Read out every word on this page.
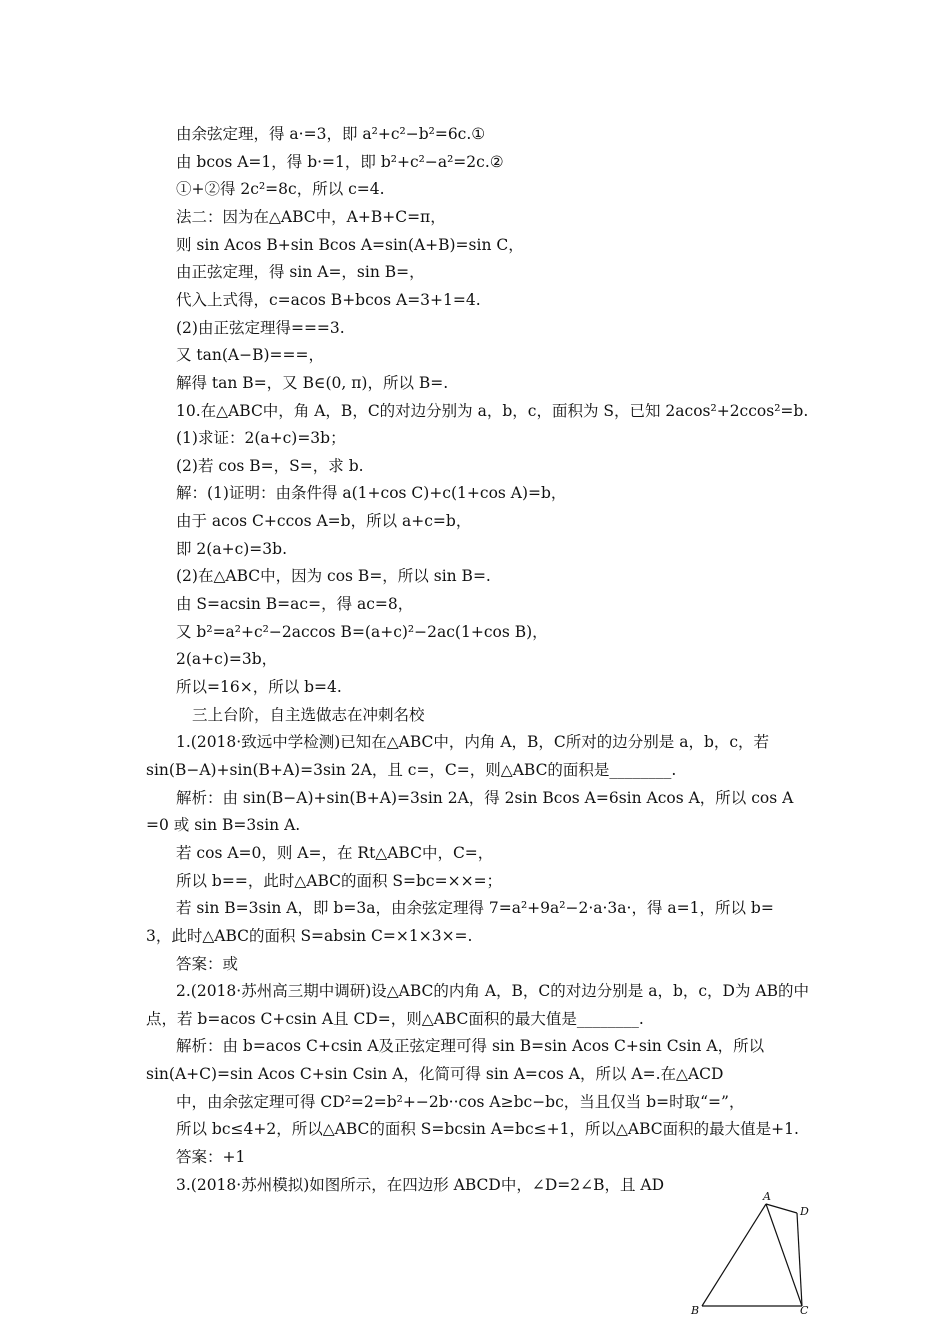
由余弦定理，得 a·=3，即 a²+c²−b²=6c.①
由 bcos A=1，得 b·=1，即 b²+c²−a²=2c.②
①+②得 2c²=8c，所以 c=4.
法二：因为在△ABC中，A+B+C=π，
则 sin Acos B+sin Bcos A=sin(A+B)=sin C，
由正弦定理，得 sin A=，sin B=，
代入上式得，c=acos B+bcos A=3+1=4.
(2)由正弦定理得===3.
又 tan(A−B)===，
解得 tan B=，又 B∈(0, π)，所以 B=.
10.在△ABC中，角 A，B，C的对边分别为 a，b，c，面积为 S，已知 2acos²+2ccos²=b.
(1)求证：2(a+c)=3b；
(2)若 cos B=，S=，求 b.
解：(1)证明：由条件得 a(1+cos C)+c(1+cos A)=b，
由于 acos C+ccos A=b，所以 a+c=b，
即 2(a+c)=3b.
(2)在△ABC中，因为 cos B=，所以 sin B=.
由 S=acsin B=ac=，得 ac=8，
又 b²=a²+c²−2accos B=(a+c)²−2ac(1+cos B)，
2(a+c)=3b，
所以=16×，所以 b=4.
三上台阶，自主选做志在冲刺名校
1.(2018·致远中学检测)已知在△ABC中，内角 A，B，C所对的边分别是 a，b，c，若
sin(B−A)+sin(B+A)=3sin 2A，且 c=，C=，则△ABC的面积是________.
解析：由 sin(B−A)+sin(B+A)=3sin 2A，得 2sin Bcos A=6sin Acos A，所以 cos A
=0 或 sin B=3sin A.
若 cos A=0，则 A=，在 Rt△ABC中，C=，
所以 b==，此时△ABC的面积 S=bc=××=；
若 sin B=3sin A，即 b=3a，由余弦定理得 7=a²+9a²−2·a·3a·，得 a=1，所以 b=
3，此时△ABC的面积 S=absin C=×1×3×=.
答案：或
2.(2018·苏州高三期中调研)设△ABC的内角 A，B，C的对边分别是 a，b，c，D为 AB的中
点，若 b=acos C+csin A且 CD=，则△ABC面积的最大值是________.
解析：由 b=acos C+csin A及正弦定理可得 sin B=sin Acos C+sin Csin A，所以
sin(A+C)=sin Acos C+sin Csin A，化简可得 sin A=cos A，所以 A=.在△ACD
中，由余弦定理可得 CD²=2=b²+−2b··cos A≥bc−bc，当且仅当 b=时取“=”，
所以 bc≤4+2，所以△ABC的面积 S=bcsin A=bc≤+1，所以△ABC面积的最大值是+1.
答案：+1
3.(2018·苏州模拟)如图所示，在四边形 ABCD中，∠D=2∠B，且 AD
A
D
B	C
